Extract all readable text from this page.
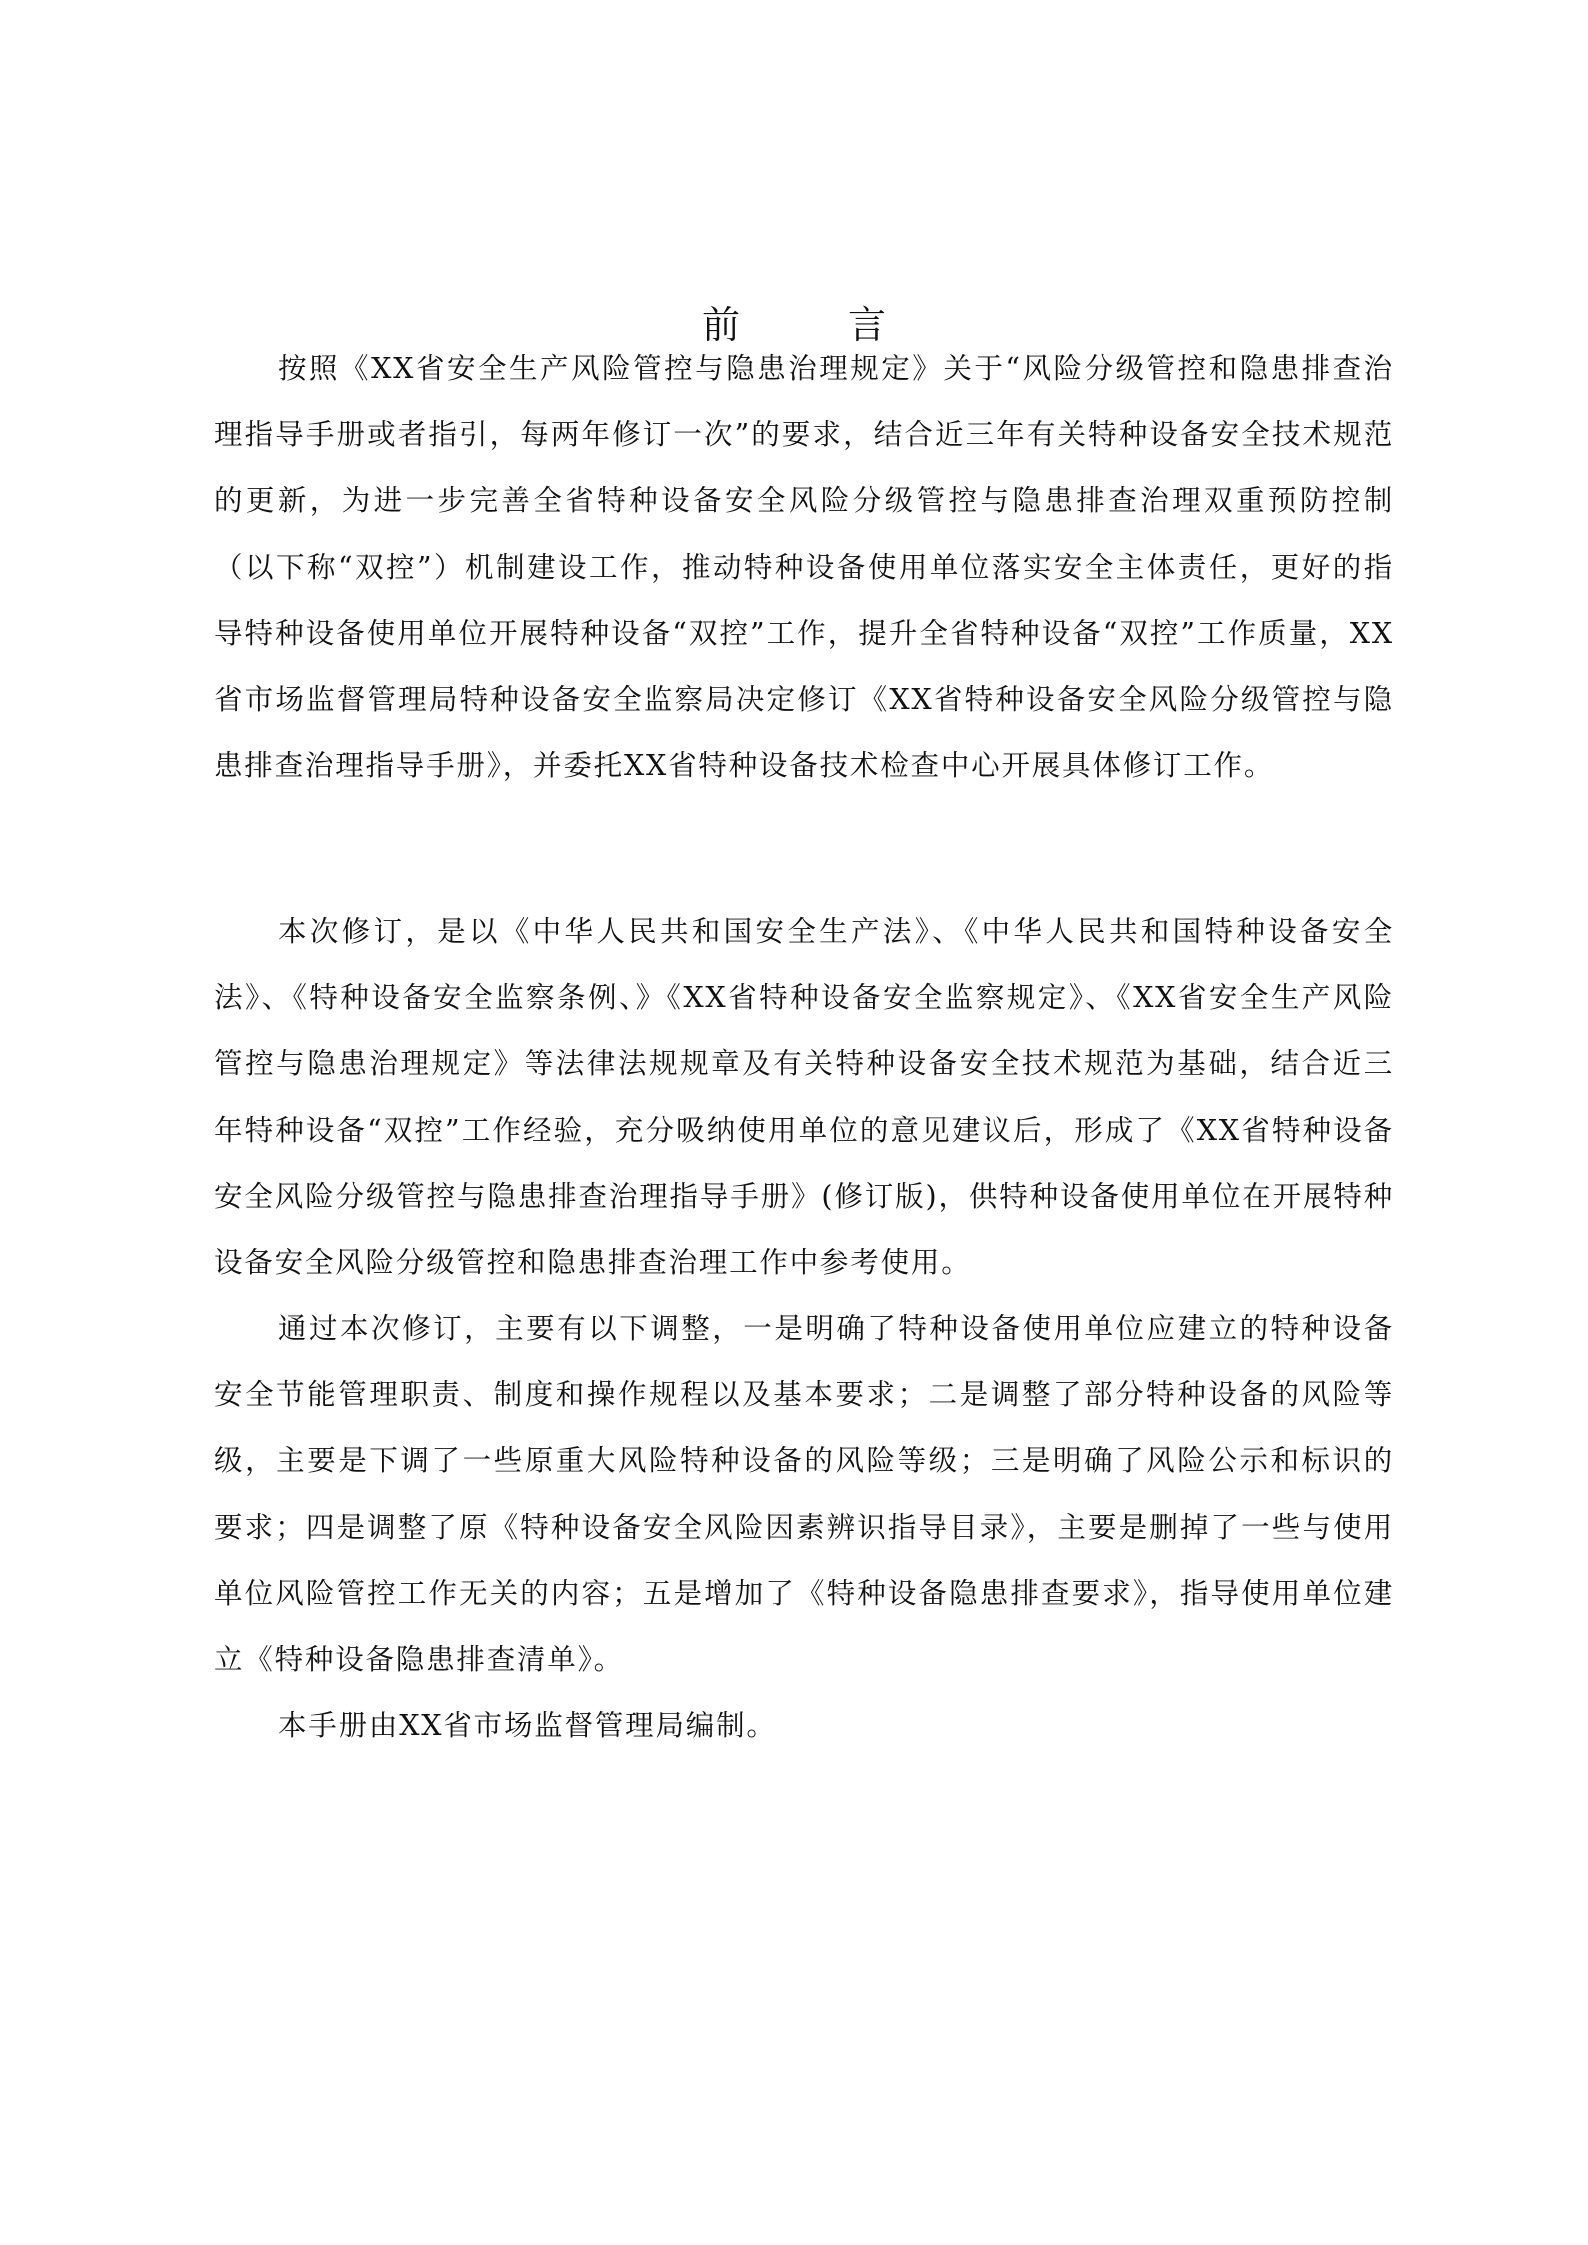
前 言

按照《XX省安全生产风险管控与隐患治理规定》关于“风险分级管控和隐患排查治理指导手册或者指引，每两年修订一次”的要求，结合近三年有关特种设备安全技术规范的更新，为进一步完善全省特种设备安全风险分级管控与隐患排查治理双重预防控制（以下称“双控”）机制建设工作，推动特种设备使用单位落实安全主体责任，更好的指导特种设备使用单位开展特种设备“双控”工作，提升全省特种设备“双控”工作质量，XX省市场监督管理局特种设备安全监察局决定修订《XX省特种设备安全风险分级管控与隐患排查治理指导手册》，并委托XX省特种设备技术检查中心开展具体修订工作。

本次修订，是以《中华人民共和国安全生产法》、《中华人民共和国特种设备安全法》、《特种设备安全监察条例、》《XX省特种设备安全监察规定》、《XX省安全生产风险管控与隐患治理规定》等法律法规规章及有关特种设备安全技术规范为基础，结合近三年特种设备“双控”工作经验，充分吸纳使用单位的意见建议后，形成了《XX省特种设备安全风险分级管控与隐患排查治理指导手册》(修订版)，供特种设备使用单位在开展特种设备安全风险分级管控和隐患排查治理工作中参考使用。

通过本次修订，主要有以下调整，一是明确了特种设备使用单位应建立的特种设备安全节能管理职责、制度和操作规程以及基本要求；二是调整了部分特种设备的风险等级，主要是下调了一些原重大风险特种设备的风险等级；三是明确了风险公示和标识的要求；四是调整了原《特种设备安全风险因素辨识指导目录》，主要是删掉了一些与使用单位风险管控工作无关的内容；五是增加了《特种设备隐患排查要求》，指导使用单位建立《特种设备隐患排查清单》。

本手册由XX省市场监督管理局编制。
